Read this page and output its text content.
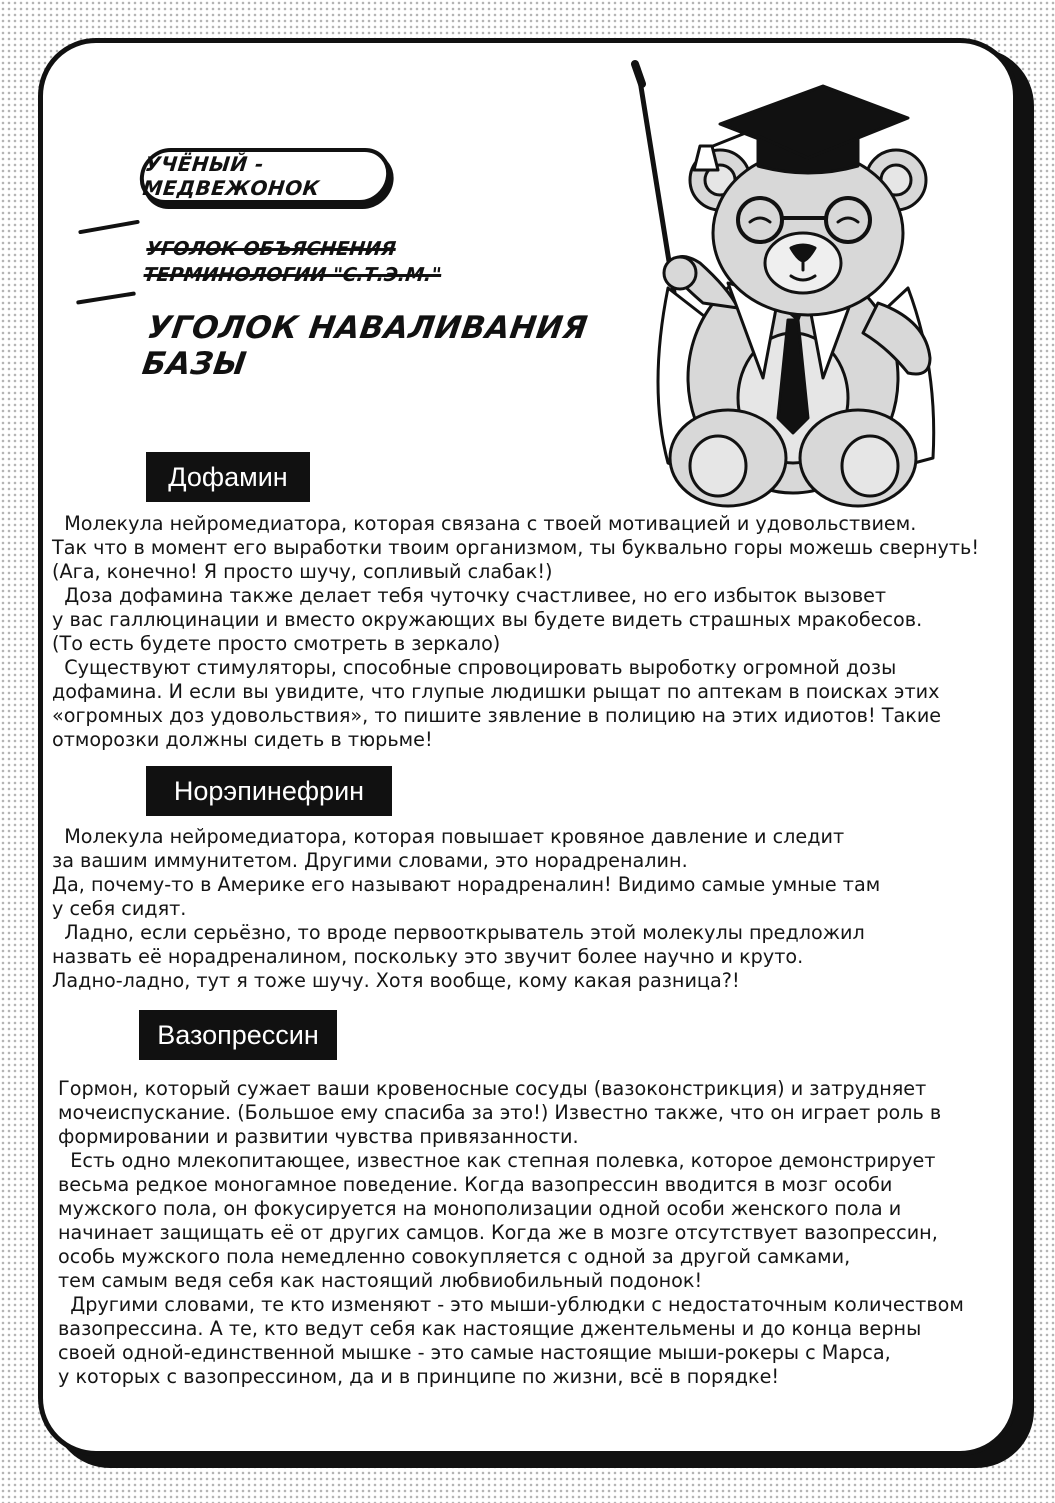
УЧЁНЫЙ - МЕДВЕЖОНОК
УГОЛОК ОБЪЯСНЕНИЯ
ТЕРМИНОЛОГИИ "С.Т.Э.М."
УГОЛОК НАВАЛИВАНИЯ БАЗЫ
Дофамин
Молекула нейромедиатора, которая связана с твоей мотивацией и удовольствием.
Так что в момент его выработки твоим организмом, ты буквально горы можешь свернуть!
(Ага, конечно! Я просто шучу, сопливый слабак!)
Доза дофамина также делает тебя чуточку счастливее, но его избыток вызовет
у вас галлюцинации и вместо окружающих вы будете видеть страшных мракобесов.
(То есть будете просто смотреть в зеркало)
Существуют стимуляторы, способные спровоцировать выроботку огромной дозы
дофамина. И если вы увидите, что глупые людишки рыщат по аптекам в поисках этих
«огромных доз удовольствия», то пишите зявление в полицию на этих идиотов! Такие
отморозки должны сидеть в тюрьме!
Норэпинефрин
Молекула нейромедиатора, которая повышает кровяное давление и следит
за вашим иммунитетом. Другими словами, это норадреналин.
Да, почему-то в Америке его называют норадреналин! Видимо самые умные там
у себя сидят.
Ладно, если серьёзно, то вроде первооткрыватель этой молекулы предложил
назвать её норадреналином, поскольку это звучит более научно и круто.
Ладно-ладно, тут я тоже шучу. Хотя вообще, кому какая разница?!
Вазопрессин
Гормон, который сужает ваши кровеносные сосуды (вазоконстрикция) и затрудняет
мочеиспускание. (Большое ему спасиба за это!) Известно также, что он играет роль в
формировании и развитии чувства привязанности.
Есть одно млекопитающее, известное как степная полевка, которое демонстрирует
весьма редкое моногамное поведение. Когда вазопрессин вводится в мозг особи
мужского пола, он фокусируется на монополизации одной особи женского пола и
начинает защищать её от других самцов. Когда же в мозге отсутствует вазопрессин,
особь мужского пола немедленно совокупляется с одной за другой самками,
тем самым ведя себя как настоящий любвиобильный подонок!
Другими словами, те кто изменяют - это мыши-ублюдки с недостаточным количеством
вазопрессина. А те, кто ведут себя как настоящие джентельмены и до конца верны
своей одной-единственной мышке - это самые настоящие мыши-рокеры с Марса,
у которых с вазопрессином, да и в принципе по жизни, всё в порядке!
